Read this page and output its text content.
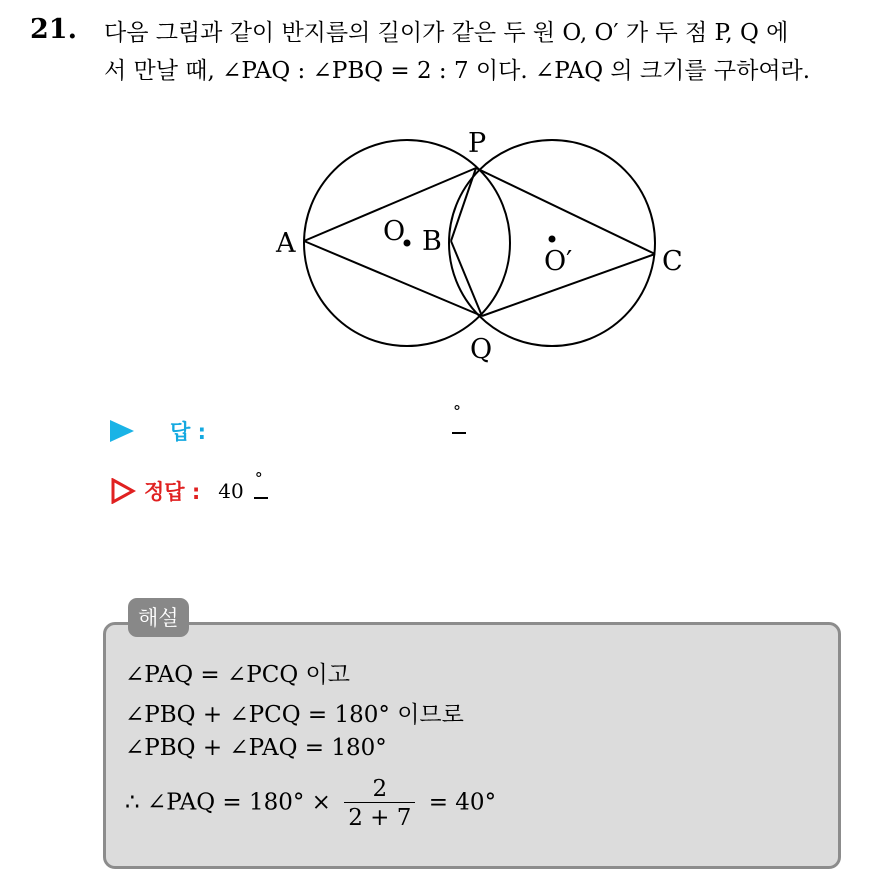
21. 다음 그림과 같이 반지름의 길이가 같은 두 원 O, O′ 가 두 점 P, Q 에
서 만날 때, ∠PAQ : ∠PBQ = 2 : 7 이다. ∠PAQ 의 크기를 구하여라.
P
Q
A	B
C
O
O′
답 :
°
정답 : 40
°
해설
∠PAQ = ∠PCQ 이고
∠PBQ + ∠PCQ = 180° 이므로
∠PBQ + ∠PAQ = 180°
∴ ∠PAQ = $180^\circ \times \frac{2}{2 + 7} = 40^\circ$
